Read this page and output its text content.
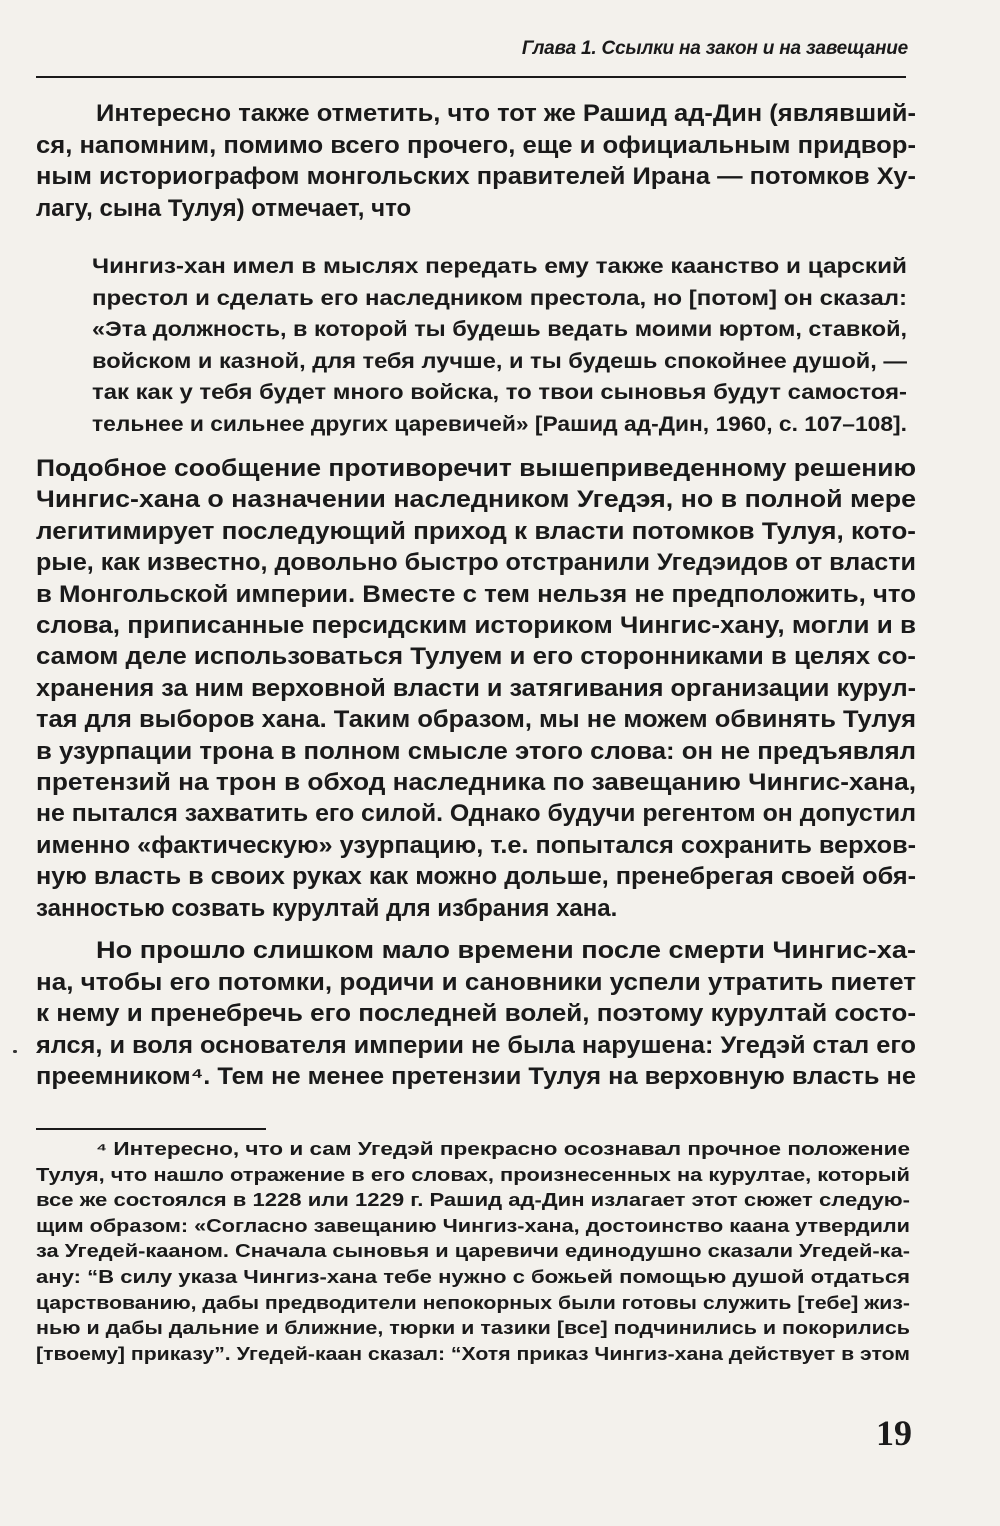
Глава 1. Ссылки на закон и на завещание
Интересно также отметить, что тот же Рашид ад-Дин (являвший-
ся, напомним, помимо всего прочего, еще и официальным придвор-
ным историографом монгольских правителей Ирана — потомков Ху-
лагу, сына Тулуя) отмечает, что
Чингиз-хан имел в мыслях передать ему также каанство и царский
престол и сделать его наследником престола, но [потом] он сказал:
«Эта должность, в которой ты будешь ведать моими юртом, ставкой,
войском и казной, для тебя лучше, и ты будешь спокойнее душой, —
так как у тебя будет много войска, то твои сыновья будут самостоя-
тельнее и сильнее других царевичей» [Рашид ад-Дин, 1960, с. 107–108].
Подобное сообщение противоречит вышеприведенному решению
Чингис-хана о назначении наследником Угедэя, но в полной мере
легитимирует последующий приход к власти потомков Тулуя, кото-
рые, как известно, довольно быстро отстранили Угедэидов от власти
в Монгольской империи. Вместе с тем нельзя не предположить, что
слова, приписанные персидским историком Чингис-хану, могли и в
самом деле использоваться Тулуем и его сторонниками в целях со-
хранения за ним верховной власти и затягивания организации курул-
тая для выборов хана. Таким образом, мы не можем обвинять Тулуя
в узурпации трона в полном смысле этого слова: он не предъявлял
претензий на трон в обход наследника по завещанию Чингис-хана,
не пытался захватить его силой. Однако будучи регентом он допустил
именно «фактическую» узурпацию, т.е. попытался сохранить верхов-
ную власть в своих руках как можно дольше, пренебрегая своей обя-
занностью созвать курултай для избрания хана.
Но прошло слишком мало времени после смерти Чингис-ха-
на, чтобы его потомки, родичи и сановники успели утратить пиетет
к нему и пренебречь его последней волей, поэтому курултай состо-
ялся, и воля основателя империи не была нарушена: Угедэй стал его
преемником⁴. Тем не менее претензии Тулуя на верховную власть не
⁴ Интересно, что и сам Угедэй прекрасно осознавал прочное положение
Тулуя, что нашло отражение в его словах, произнесенных на курултае, который
все же состоялся в 1228 или 1229 г. Рашид ад-Дин излагает этот сюжет следую-
щим образом: «Согласно завещанию Чингиз-хана, достоинство каана утвердили
за Угедей-кааном. Сначала сыновья и царевичи единодушно сказали Угедей-ка-
ану: “В силу указа Чингиз-хана тебе нужно с божьей помощью душой отдаться
царствованию, дабы предводители непокорных были готовы служить [тебе] жиз-
нью и дабы дальние и ближние, тюрки и тазики [все] подчинились и покорились
[твоему] приказу”. Угедей-каан сказал: “Хотя приказ Чингиз-хана действует в этом
19
